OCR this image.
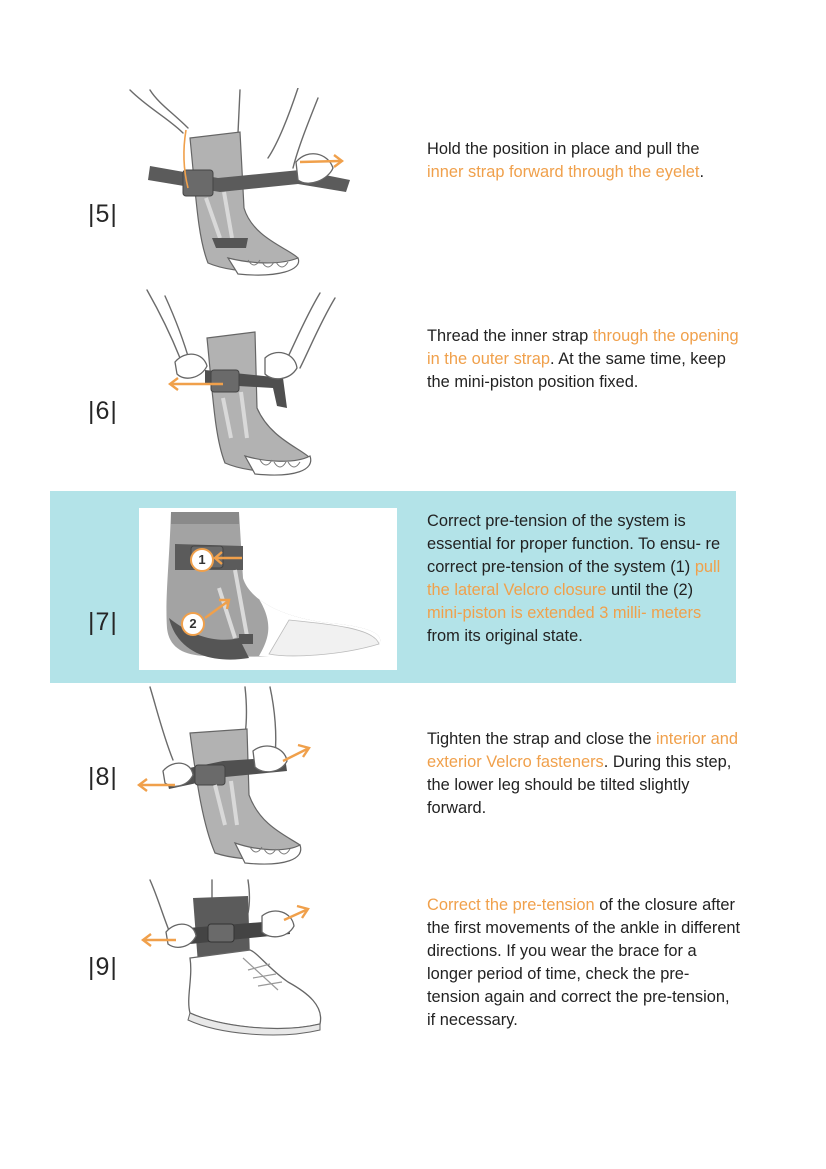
|5|
Hold the position in place and pull the inner strap forward through the eyelet.
|6|
Thread the inner strap through the opening in the outer strap. At the same time, keep the mini-piston position fixed.
1
2
|7|
Correct pre-tension of the system is essential for proper function. To ensu- re correct pre-tension of the system (1) pull the lateral Velcro closure until the (2) mini-piston is extended 3 milli- meters from its original state.
|8|
Tighten the strap and close the interior and exterior Velcro fasteners. During this step, the lower leg should be tilted slightly forward.
|9|
Correct the pre-tension of the closure after the first movements of the ankle in different directions. If you wear the brace for a longer period of time, check the pre-tension again and correct the pre-tension, if necessary.
